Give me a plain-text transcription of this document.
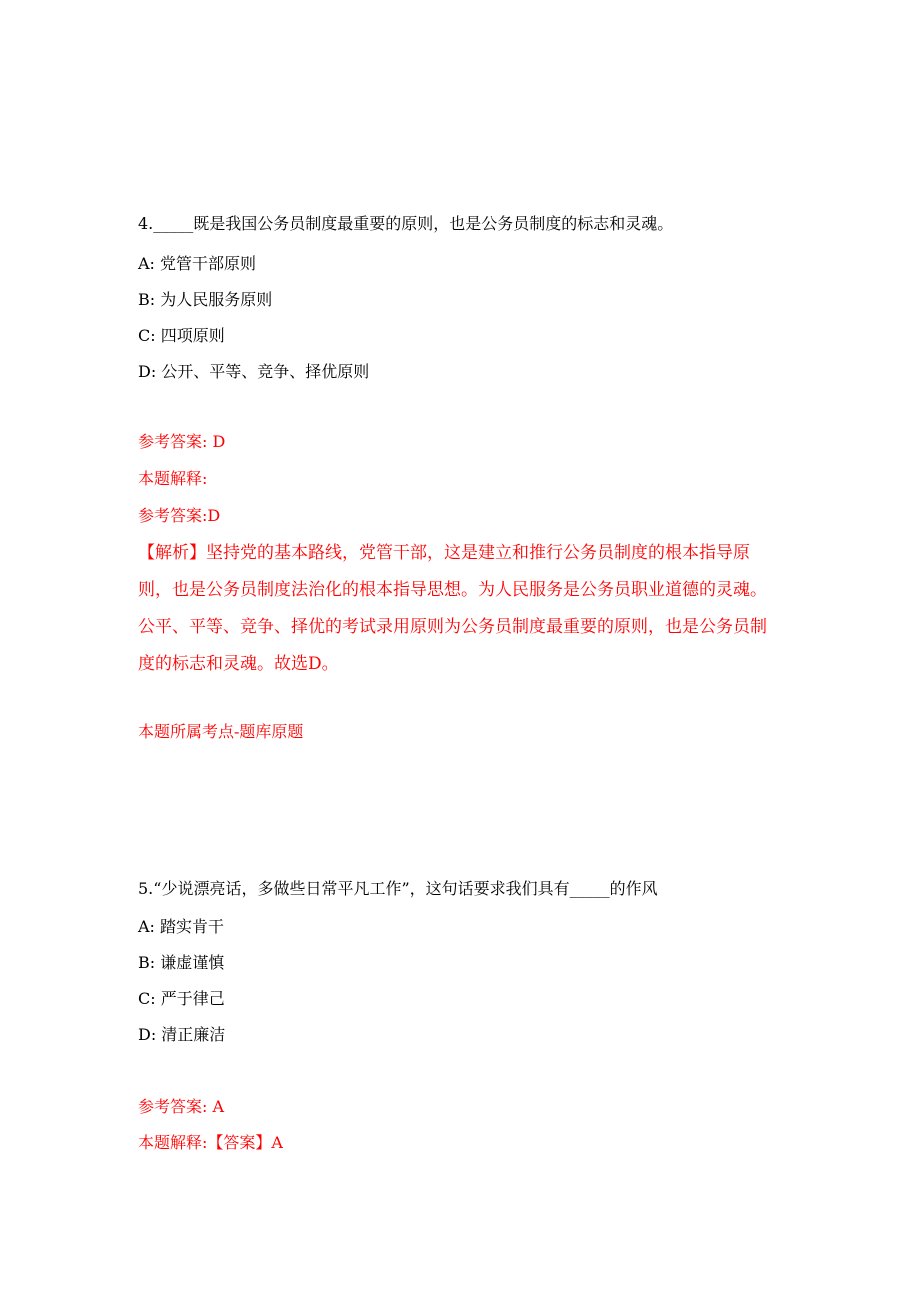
4._____既是我国公务员制度最重要的原则，也是公务员制度的标志和灵魂。
A: 党管干部原则
B: 为人民服务原则
C: 四项原则
D: 公开、平等、竞争、择优原则
参考答案: D
本题解释:
参考答案:D
【解析】坚持党的基本路线，党管干部，这是建立和推行公务员制度的根本指导原则，也是公务员制度法治化的根本指导思想。为人民服务是公务员职业道德的灵魂。公平、平等、竞争、择优的考试录用原则为公务员制度最重要的原则，也是公务员制度的标志和灵魂。故选D。
本题所属考点-题库原题
5.“少说漂亮话，多做些日常平凡工作”，这句话要求我们具有_____的作风
A: 踏实肯干
B: 谦虚谨慎
C: 严于律己
D: 清正廉洁
参考答案: A
本题解释:【答案】A
